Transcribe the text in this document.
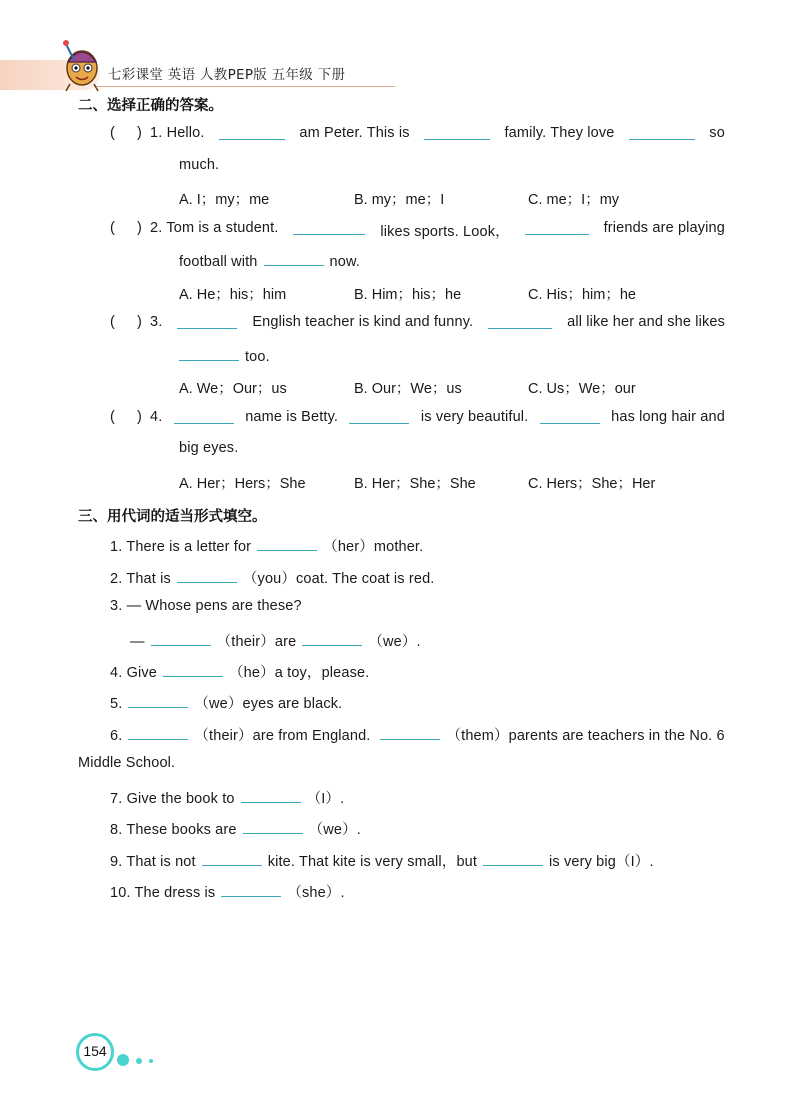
七彩课堂 英语 人教PEP版 五年级 下册
二、选择正确的答案。
( ) 1. Hello.	am Peter. This is	family. They love	so
much.
A. I；my；me	B. my；me；I	C. me；I；my
( ) 2. Tom is a student.	likes sports. Look，	friends are playing
football with	now.
A. He；his；him	B. Him；his；he	C. His；him；he
( ) 3.	English teacher is kind and funny.	all like her and she likes
too.
A. We；Our；us	B. Our；We；us	C. Us；We；our
( ) 4.	name is Betty.	is very beautiful.	has long hair and
big eyes.
A. Her；Hers；She	B. Her；She；She	C. Hers；She；Her
三、用代词的适当形式填空。
1. There is a letter for	（her）mother.
2. That is	（you）coat. The coat is red.
3. — Whose pens are these?
—	（their）are	（we）.
4. Give	（he）a toy，please.
5.	（we）eyes are black.
6.	（their）are from England.	（them）parents are teachers in the No. 6
Middle School.
7. Give the book to	（I）.
8. These books are	（we）.
9. That is not	kite. That kite is very small，but	is very big（I）.
10. The dress is	（she）.
154
